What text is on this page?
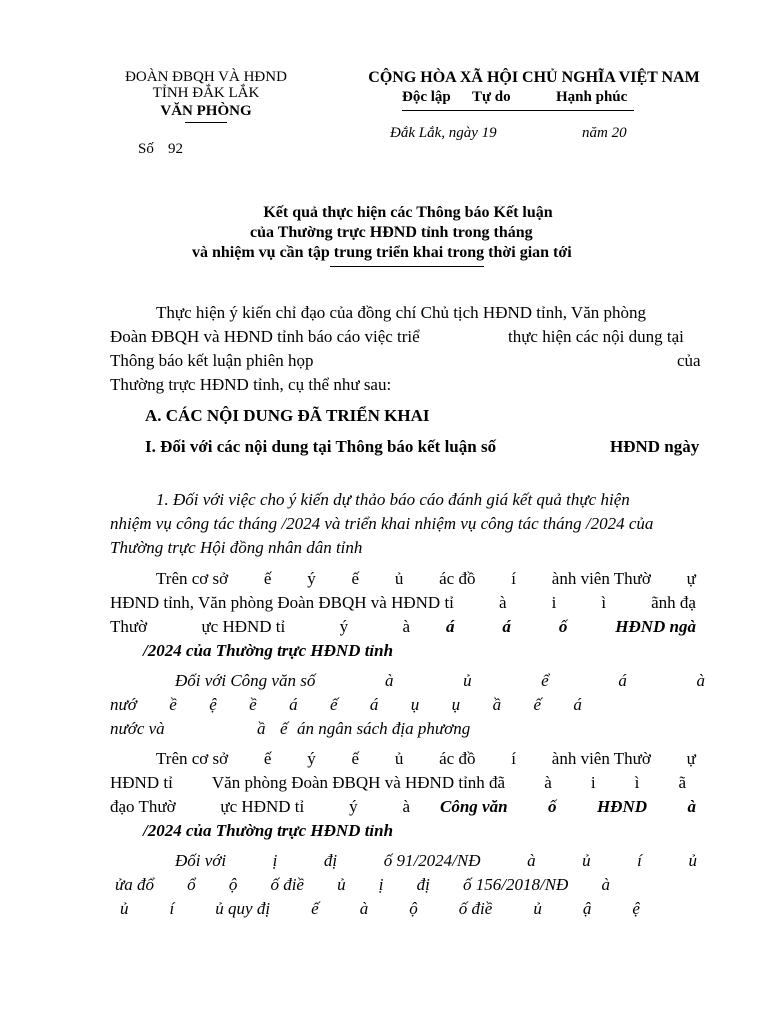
ĐOÀN ĐBQH VÀ HĐND
TỈNH ĐẮK LẮK
VĂN PHÒNG
Số 92
CỘNG HÒA XÃ HỘI CHỦ NGHĨA VIỆT NAM
Độc lập Tự do	Hạnh phúc
Đắk Lắk, ngày 19	năm 20
Kết quả thực hiện các Thông báo Kết luận
của Thường trực HĐND tỉnh trong tháng
và nhiệm vụ cần tập trung triển khai trong thời gian tới
Thực hiện ý kiến chỉ đạo của đồng chí Chủ tịch HĐND tỉnh, Văn phòng
Đoàn ĐBQH và HĐND tỉnh báo cáo việc triể	thực hiện các nội dung tại
Thông báo kết luận phiên họp	của
Thường trực HĐND tỉnh, cụ thể như sau:
A. CÁC NỘI DUNG ĐÃ TRIỂN KHAI
I. Đối với các nội dung tại Thông báo kết luận số	HĐND ngày
1. Đối với việc cho ý kiến dự thảo báo cáo đánh giá kết quả thực hiện
nhiệm vụ công tác tháng /2024 và triển khai nhiệm vụ công tác tháng /2024 của
Thường trực Hội đồng nhân dân tỉnh
Trên cơ sở ế ý ế ủ ác đồ í ành viên Thườ ự
HĐND tỉnh, Văn phòng Đoàn ĐBQH và HĐND tỉ	à	i	ì	ãnh đạ
Thườ	ực HĐND tỉ	ý	à á	á	ố	HĐND ngà
/2024 của Thường trực HĐND tỉnh
Đối với Công văn số	à	ủ	ể	á	à
nướ ề ệ ề á ế á ụ ụ ầ ế á
nước và	ầ ế án ngân sách địa phương
Trên cơ sở ế ý ế ủ ác đồ í ành viên Thườ ự
HĐND tỉ Văn phòng Đoàn ĐBQH và HĐND tỉnh đã à i ì ã
đạo Thườ	ực HĐND tỉ	ý	à Công văn ố HĐND à
/2024 của Thường trực HĐND tỉnh
Đối với	ị	đị	ố 91/2024/NĐ	à	ủ	í	ủ
ửa đổ ổ ộ ố điề ủ ị đị ố 156/2018/NĐ à
ủ í ủ quy đị ế à ộ ố điề ủ ậ ệ
